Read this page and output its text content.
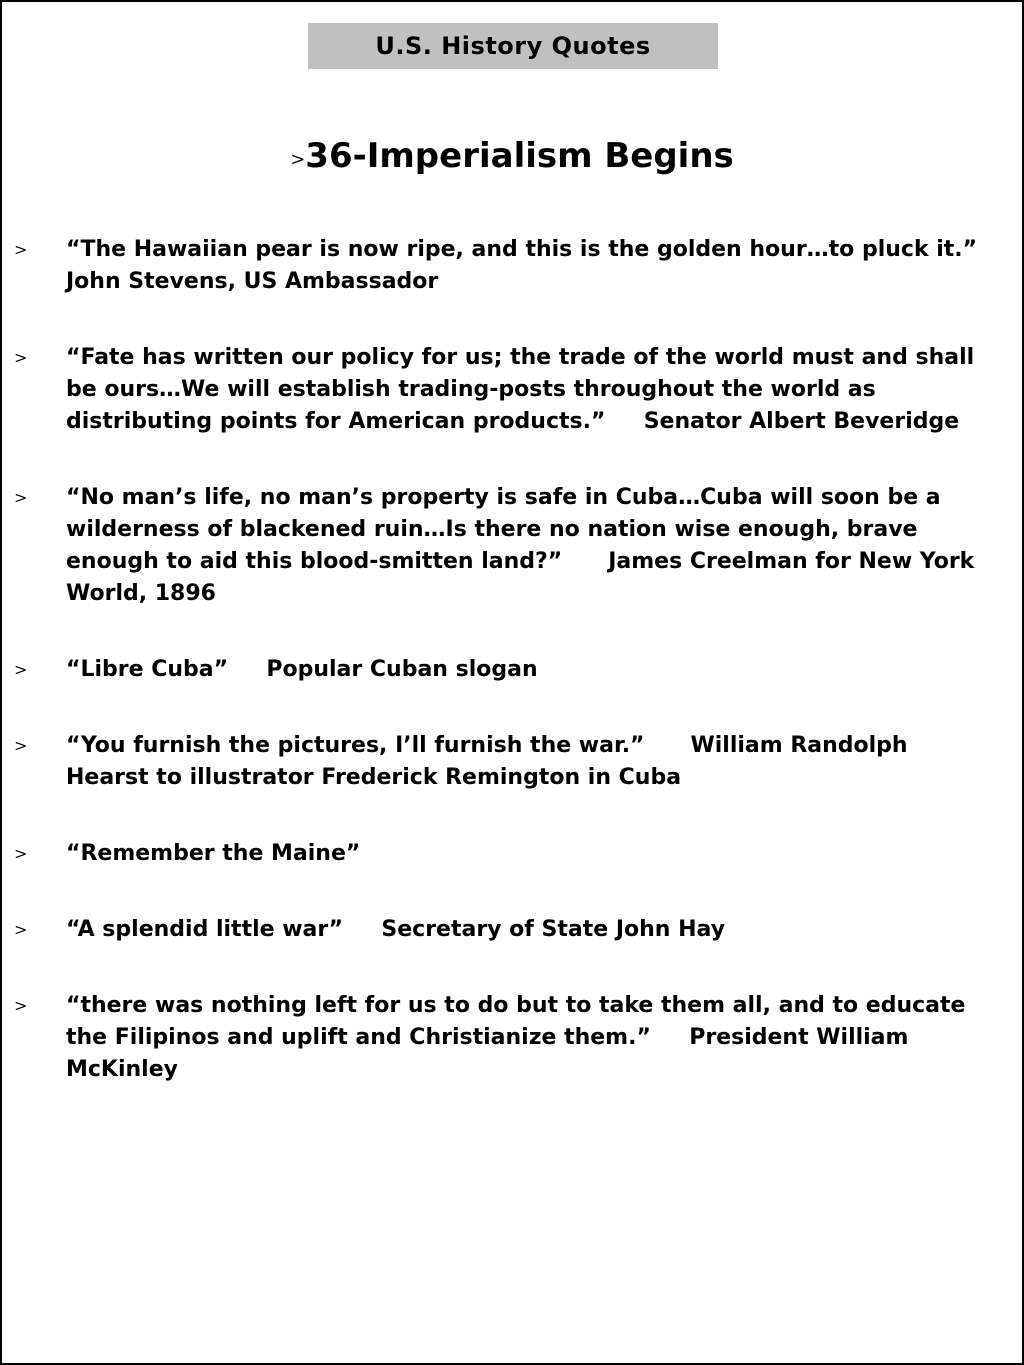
U.S. History Quotes
>36-Imperialism Begins
> “The Hawaiian pear is now ripe, and this is the golden hour…to pluck it.” John Stevens, US Ambassador
> “Fate has written our policy for us; the trade of the world must and shall be ours…We will establish trading-posts throughout the world as distributing points for American products.”     Senator Albert Beveridge
> “No man’s life, no man’s property is safe in Cuba…Cuba will soon be a wilderness of blackened ruin…Is there no nation wise enough, brave enough to aid this blood-smitten land?”      James Creelman for New York World, 1896
> “Libre Cuba”     Popular Cuban slogan
> “You furnish the pictures, I’ll furnish the war.”      William Randolph Hearst to illustrator Frederick Remington in Cuba
> “Remember the Maine”
> “A splendid little war”     Secretary of State John Hay
> “there was nothing left for us to do but to take them all, and to educate the Filipinos and uplift and Christianize them.”     President William McKinley
